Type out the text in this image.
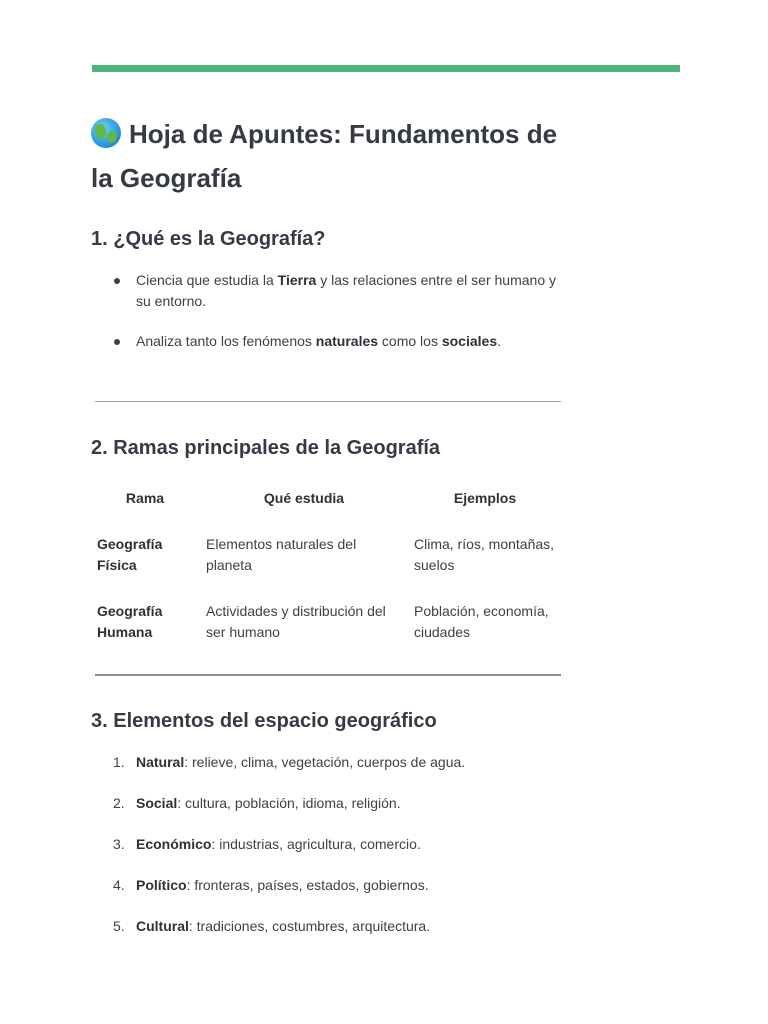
Hoja de Apuntes: Fundamentos de la Geografía
1. ¿Qué es la Geografía?
Ciencia que estudia la Tierra y las relaciones entre el ser humano y su entorno.
Analiza tanto los fenómenos naturales como los sociales.
2. Ramas principales de la Geografía
Rama	Qué estudia	Ejemplos
Geografía Física
Elementos naturales del planeta
Clima, ríos, montañas, suelos
Geografía Humana
Actividades y distribución del ser humano
Población, economía, ciudades
3. Elementos del espacio geográfico
1. Natural: relieve, clima, vegetación, cuerpos de agua.
2. Social: cultura, población, idioma, religión.
3. Económico: industrias, agricultura, comercio.
4. Político: fronteras, países, estados, gobiernos.
5. Cultural: tradiciones, costumbres, arquitectura.
